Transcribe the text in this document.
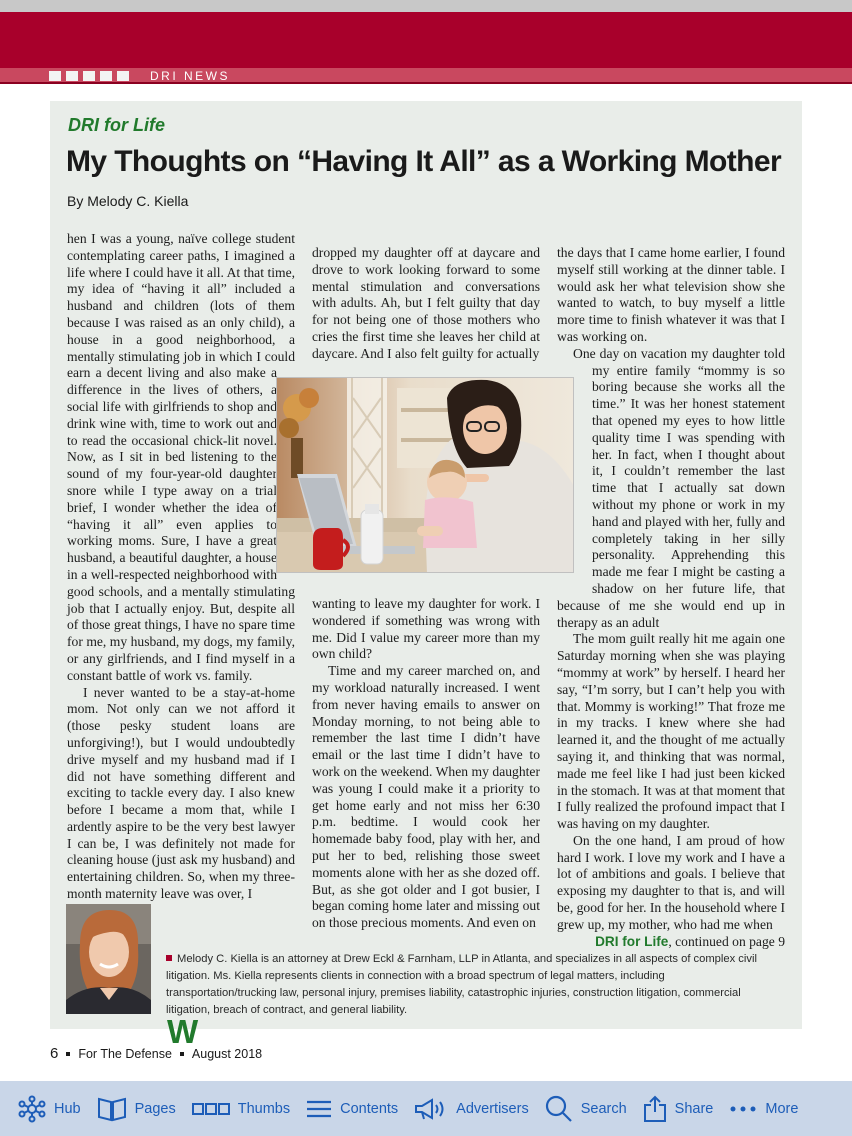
DRI NEWS
DRI for Life
My Thoughts on “Having It All” as a Working Mother
By Melody C. Kiella

W
hen I was a young, naïve college student contemplating career paths, I imagined a life where I could have it all. At that time, my idea of “having it all” included a husband and children (lots of them because I was raised as an only child), a house in a good neighborhood, a mentally stimulating job in which I could earn a decent living and also make a difference in the lives of others, a social life with girlfriends to shop and drink wine with, time to work out and to read the occasional chick-lit novel. Now, as I sit in bed listening to the sound of my four-year-old daughter snore while I type away on a trial brief, I wonder whether the idea of “having it all” even applies to working moms. Sure, I have a great husband, a beautiful daughter, a house in a well-respected neighborhood with good schools, and a mentally stimulating job that I actually enjoy. But, despite all of those great things, I have no spare time for me, my husband, my dogs, my family, or any girlfriends, and I find myself in a constant battle of work vs. family.

I never wanted to be a stay-at-home mom. Not only can we not afford it (those pesky student loans are unforgiving!), but I would undoubtedly drive myself and my husband mad if I did not have something different and exciting to tackle every day. I also knew before I became a mom that, while I ardently aspire to be the very best lawyer I can be, I was definitely not made for cleaning house (just ask my husband) and entertaining children. So, when my three-month maternity leave was over, I

dropped my daughter off at daycare and drove to work looking forward to some mental stimulation and conversations with adults. Ah, but I felt guilty that day for not being one of those mothers who cries the first time she leaves her child at daycare. And I also felt guilty for actually

wanting to leave my daughter for work. I wondered if something was wrong with me. Did I value my career more than my own child?

Time and my career marched on, and my workload naturally increased. I went from never having emails to answer on Monday morning, to not being able to remember the last time I didn’t have email or the last time I didn’t have to work on the weekend. When my daughter was young I could make it a priority to get home early and not miss her 6:30 p.m. bedtime. I would cook her homemade baby food, play with her, and put her to bed, relishing those sweet moments alone with her as she dozed off. But, as she got older and I got busier, I began coming home later and missing out on those precious moments. And even on

the days that I came home earlier, I found myself still working at the dinner table. I would ask her what television show she wanted to watch, to buy myself a little more time to finish whatever it was that I was working on.

One day on vacation my daughter told my entire family “mommy is so boring because she works all the time.” It was her honest statement that opened my eyes to how little quality time I was spending with her. In fact, when I thought about it, I couldn’t remember the last time that I actually sat down without my phone or work in my hand and played with her, fully and completely taking in her silly personality. Apprehending this made me fear I might be casting a shadow on her future life, that because of me she would end up in therapy as an adult

The mom guilt really hit me again one Saturday morning when she was playing “mommy at work” by herself. I heard her say, “I’m sorry, but I can’t help you with that. Mommy is working!” That froze me in my tracks. I knew where she had learned it, and the thought of me actually saying it, and thinking that was normal, made me feel like I had just been kicked in the stomach. It was at that moment that I fully realized the profound impact that I was having on my daughter.

On the one hand, I am proud of how hard I work. I love my work and I have a lot of ambitions and goals. I believe that exposing my daughter to that is, and will be, good for her. In the household where I grew up, my mother, who had me when

DRI for Life, continued on page 9

Melody C. Kiella is an attorney at Drew Eckl & Farnham, LLP in Atlanta, and specializes in all aspects of complex civil litigation. Ms. Kiella represents clients in connection with a broad spectrum of legal matters, including transportation/trucking law, personal injury, premises liability, catastrophic injuries, construction litigation, commercial litigation, breach of contract, and general liability.
6 For The Defense August 2018
Hub	Pages	Thumbs	Contents	Advertisers	Search	Share	More
